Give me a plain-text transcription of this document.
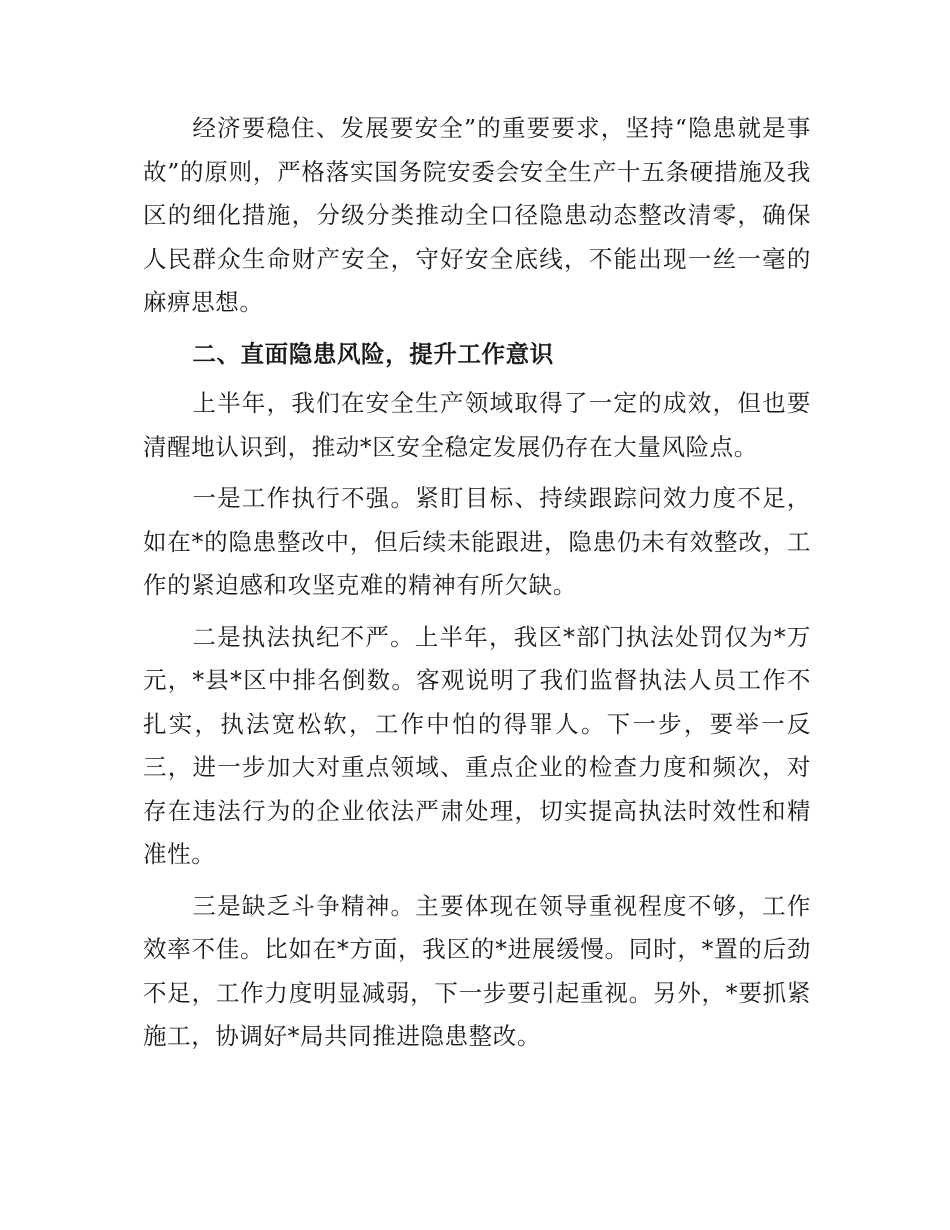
经济要稳住、发展要安全”的重要要求，坚持“隐患就是事故”的原则，严格落实国务院安委会安全生产十五条硬措施及我区的细化措施，分级分类推动全口径隐患动态整改清零，确保人民群众生命财产安全，守好安全底线，不能出现一丝一毫的麻痹思想。

二、直面隐患风险，提升工作意识

上半年，我们在安全生产领域取得了一定的成效，但也要清醒地认识到，推动*区安全稳定发展仍存在大量风险点。

一是工作执行不强。紧盯目标、持续跟踪问效力度不足，如在*的隐患整改中，但后续未能跟进，隐患仍未有效整改，工作的紧迫感和攻坚克难的精神有所欠缺。

二是执法执纪不严。上半年，我区*部门执法处罚仅为*万元，*县*区中排名倒数。客观说明了我们监督执法人员工作不扎实，执法宽松软，工作中怕的得罪人。下一步，要举一反三，进一步加大对重点领域、重点企业的检查力度和频次，对存在违法行为的企业依法严肃处理，切实提高执法时效性和精准性。

三是缺乏斗争精神。主要体现在领导重视程度不够，工作效率不佳。比如在*方面，我区的*进展缓慢。同时，*置的后劲不足，工作力度明显减弱，下一步要引起重视。另外，*要抓紧施工，协调好*局共同推进隐患整改。
